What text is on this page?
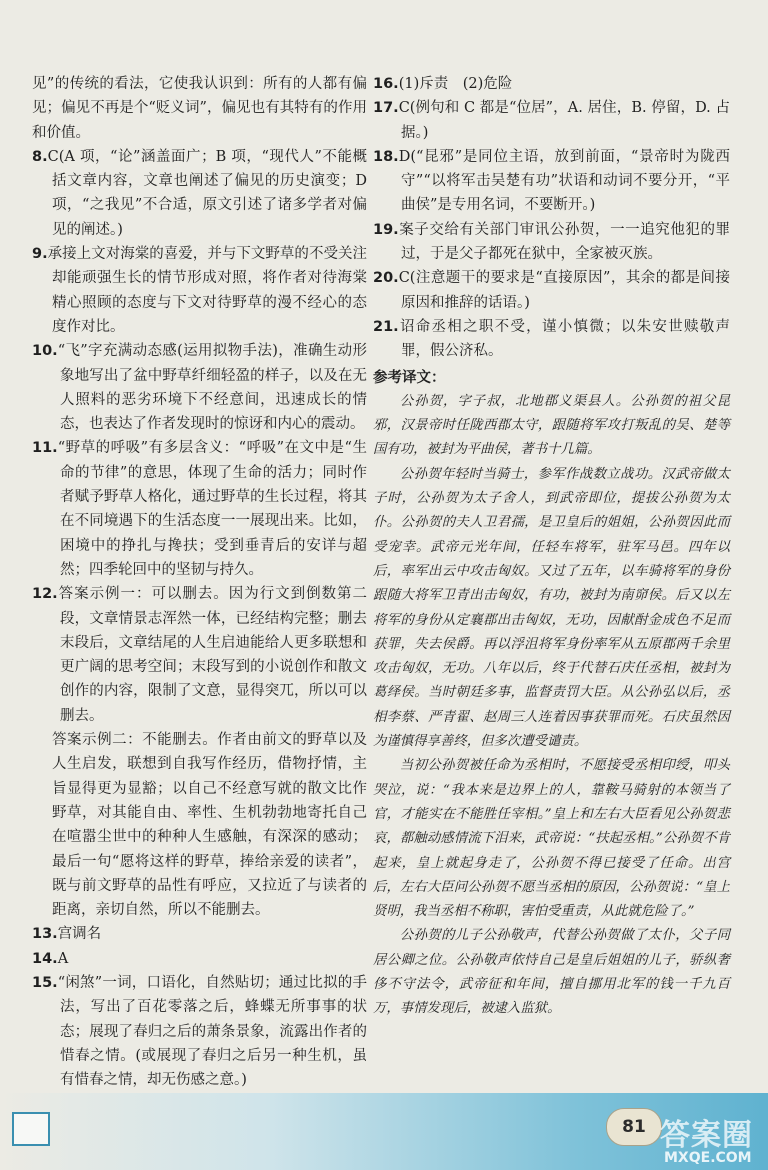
见”的传统的看法，它使我认识到：所有的人都有偏见；偏见不再是个“贬义词”，偏见也有其特有的作用和价值。

8.C(A 项，“论”涵盖面广；B 项，“现代人”不能概括文章内容，文章也阐述了偏见的历史演变；D 项，“之我见”不合适，原文引述了诸多学者对偏见的阐述。)

9.承接上文对海棠的喜爱，并与下文野草的不受关注却能顽强生长的情节形成对照，将作者对待海棠精心照顾的态度与下文对待野草的漫不经心的态度作对比。

10.“飞”字充满动态感(运用拟物手法)，准确生动形象地写出了盆中野草纤细轻盈的样子，以及在无人照料的恶劣环境下不经意间，迅速成长的情态，也表达了作者发现时的惊讶和内心的震动。

11.“野草的呼吸”有多层含义：“呼吸”在文中是“生命的节律”的意思，体现了生命的活力；同时作者赋予野草人格化，通过野草的生长过程，将其在不同境遇下的生活态度一一展现出来。比如，困境中的挣扎与搀扶；受到垂青后的安详与超然；四季轮回中的坚韧与持久。

12.答案示例一：可以删去。因为行文到倒数第二段，文章情景志浑然一体，已经结构完整；删去末段后，文章结尾的人生启迪能给人更多联想和更广阔的思考空间；末段写到的小说创作和散文创作的内容，限制了文意，显得突兀，所以可以删去。

答案示例二：不能删去。作者由前文的野草以及人生启发，联想到自我写作经历，借物抒情，主旨显得更为显豁；以自己不经意写就的散文比作野草，对其能自由、率性、生机勃勃地寄托自己在喧嚣尘世中的种种人生感触，有深深的感动；最后一句“愿将这样的野草，捧给亲爱的读者”，既与前文野草的品性有呼应，又拉近了与读者的距离，亲切自然，所以不能删去。

13.宫调名

14.A

15.“闲煞”一词，口语化，自然贴切；通过比拟的手法，写出了百花零落之后，蜂蝶无所事事的状态；展现了春归之后的萧条景象，流露出作者的惜春之情。(或展现了春归之后另一种生机，虽有惜春之情，却无伤感之意。)

16.(1)斥责　(2)危险

17.C(例句和 C 都是“位居”，A. 居住，B. 停留，D. 占据。)

18.D(“昆邪”是同位主语，放到前面，“景帝时为陇西守”“以将军击吴楚有功”状语和动词不要分开，“平曲侯”是专用名词，不要断开。)

19.案子交给有关部门审讯公孙贺，一一追究他犯的罪过，于是父子都死在狱中，全家被灭族。

20.C(注意题干的要求是“直接原因”，其余的都是间接原因和推辞的话语。)

21.诏命丞相之职不受，谨小慎微；以朱安世赎敬声罪，假公济私。

参考译文：

公孙贺，字子叔，北地郡义渠县人。公孙贺的祖父昆邪，汉景帝时任陇西郡太守，跟随将军攻打叛乱的吴、楚等国有功，被封为平曲侯，著书十几篇。

公孙贺年轻时当骑士，参军作战数立战功。汉武帝做太子时，公孙贺为太子舍人，到武帝即位，提拔公孙贺为太仆。公孙贺的夫人卫君孺，是卫皇后的姐姐，公孙贺因此而受宠幸。武帝元光年间，任轻车将军，驻军马邑。四年以后，率军出云中攻击匈奴。又过了五年，以车骑将军的身份跟随大将军卫青出击匈奴，有功，被封为南窌侯。后又以左将军的身份从定襄郡出击匈奴，无功，因献酎金成色不足而获罪，失去侯爵。再以浮沮将军身份率军从五原郡两千余里攻击匈奴，无功。八年以后，终于代替石庆任丞相，被封为葛绎侯。当时朝廷多事，监督责罚大臣。从公孙弘以后，丞相李蔡、严青翟、赵周三人连着因事获罪而死。石庆虽然因为谨慎得享善终，但多次遭受谴责。

当初公孙贺被任命为丞相时，不愿接受丞相印绶，叩头哭泣，说：“我本来是边界上的人，靠鞍马骑射的本领当了官，才能实在不能胜任宰相。”皇上和左右大臣看见公孙贺悲哀，都触动感情流下泪来，武帝说：“扶起丞相。”公孙贺不肯起来，皇上就起身走了，公孙贺不得已接受了任命。出宫后，左右大臣问公孙贺不愿当丞相的原因，公孙贺说：“皇上贤明，我当丞相不称职，害怕受重责，从此就危险了。”

公孙贺的儿子公孙敬声，代替公孙贺做了太仆，父子同居公卿之位。公孙敬声依恃自己是皇后姐姐的儿子，骄纵奢侈不守法令，武帝征和年间，擅自挪用北军的钱一千九百万，事情发现后，被逮入监狱。

81 答案圈
MXQE.COM
